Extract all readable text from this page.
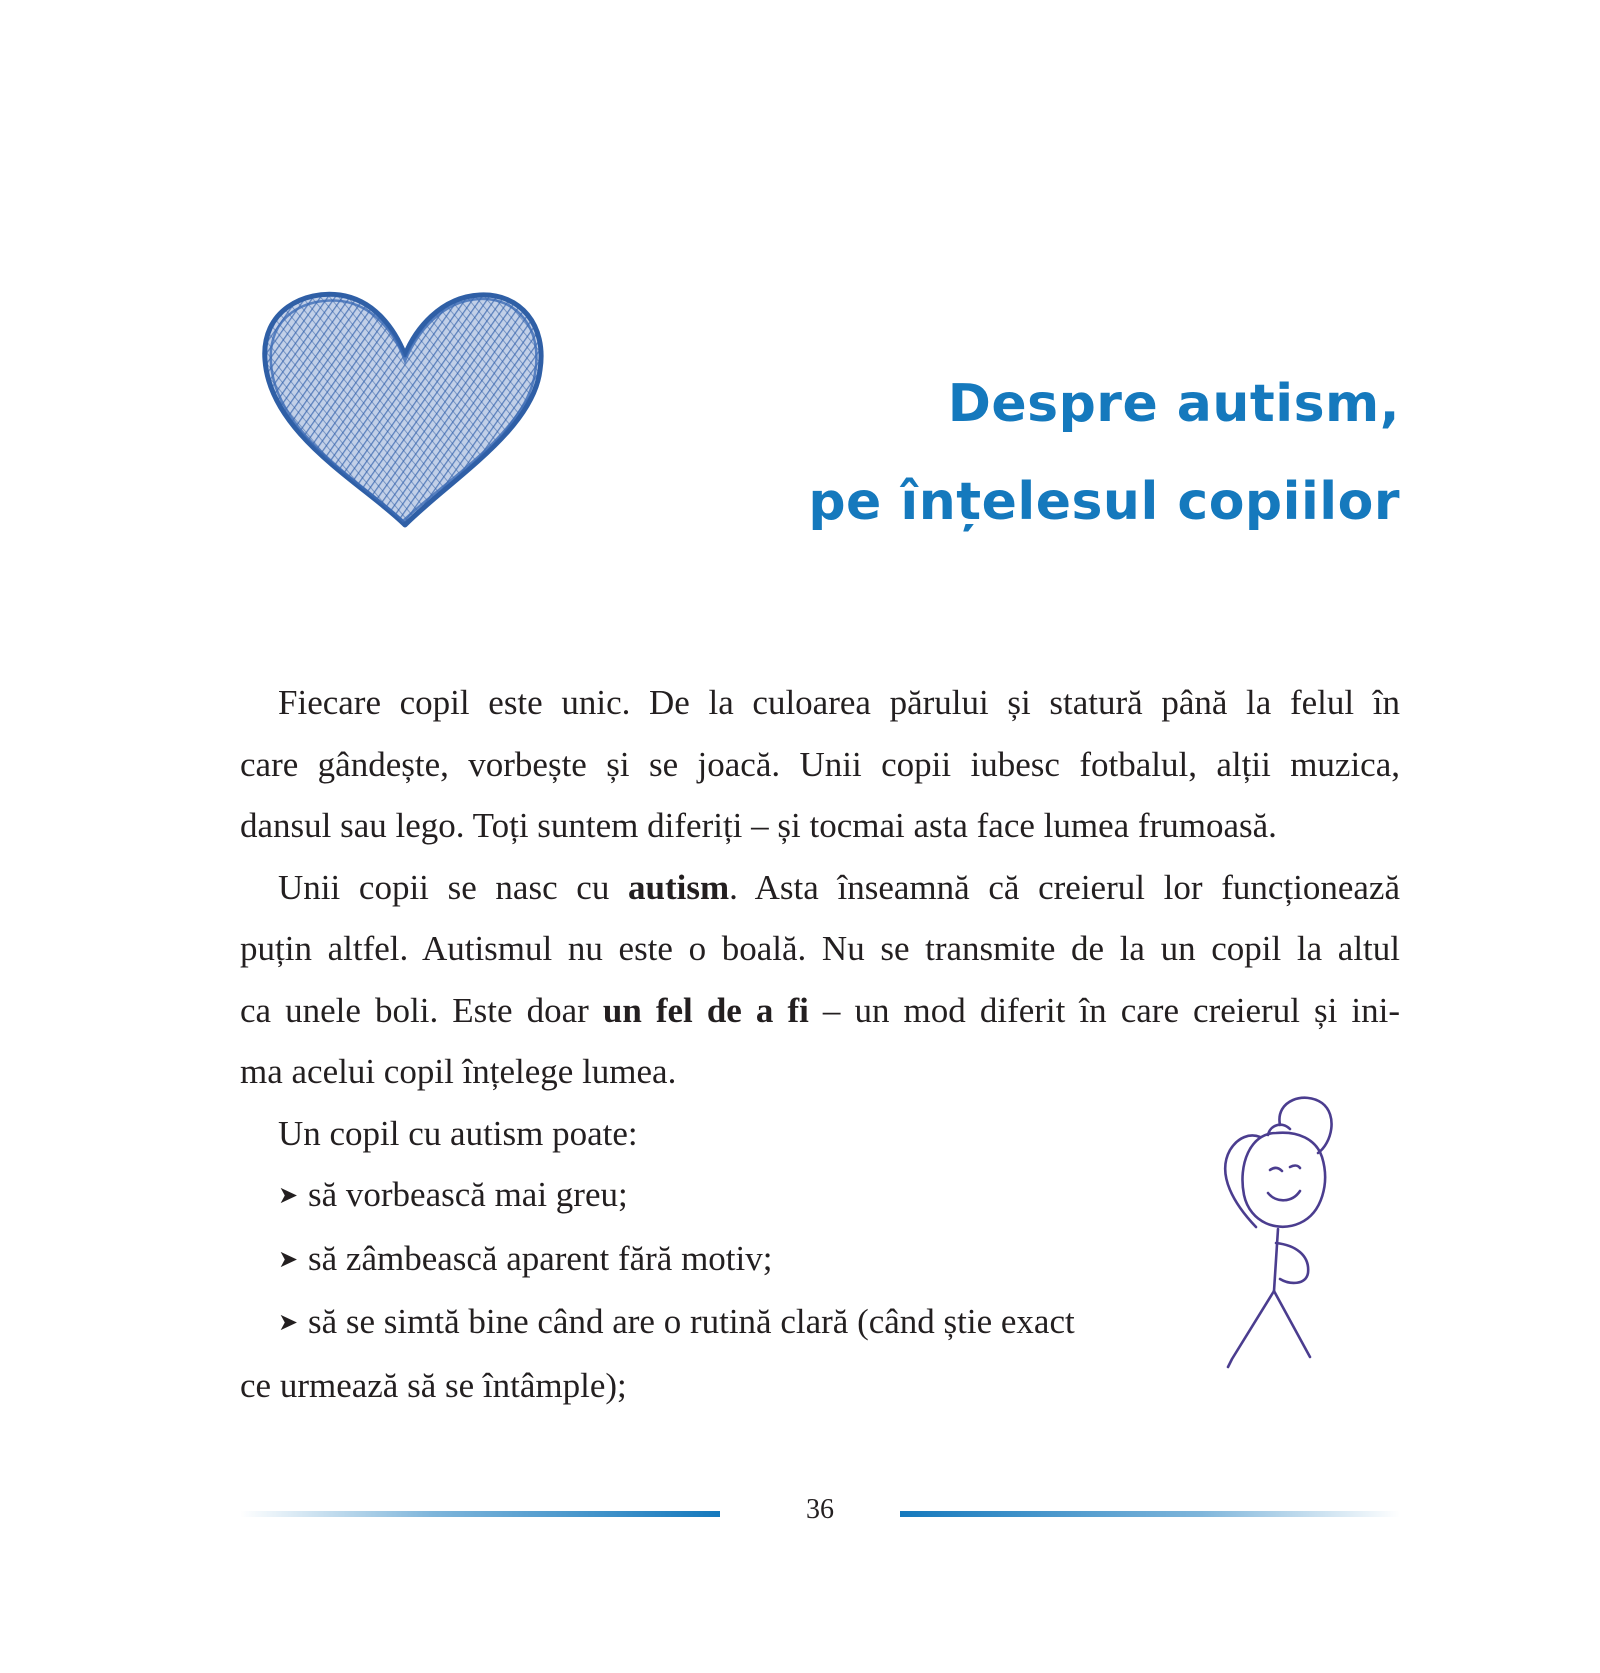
Despre autism,
pe înțelesul copiilor

Fiecare copil este unic. De la culoarea părului și statură până la felul în

care gândește, vorbește și se joacă. Unii copii iubesc fotbalul, alții muzica,

dansul sau lego. Toți suntem diferiți – și tocmai asta face lumea frumoasă.

Unii copii se nasc cu autism. Asta înseamnă că creierul lor funcționează

puțin altfel. Autismul nu este o boală. Nu se transmite de la un copil la altul

ca unele boli. Este doar un fel de a fi – un mod diferit în care creierul și ini-

ma acelui copil înțelege lumea.

Un copil cu autism poate:

➤ să vorbească mai greu;

➤ să zâmbească aparent fără motiv;

➤ să se simtă bine când are o rutină clară (când știe exact

ce urmează să se întâmple);

36
